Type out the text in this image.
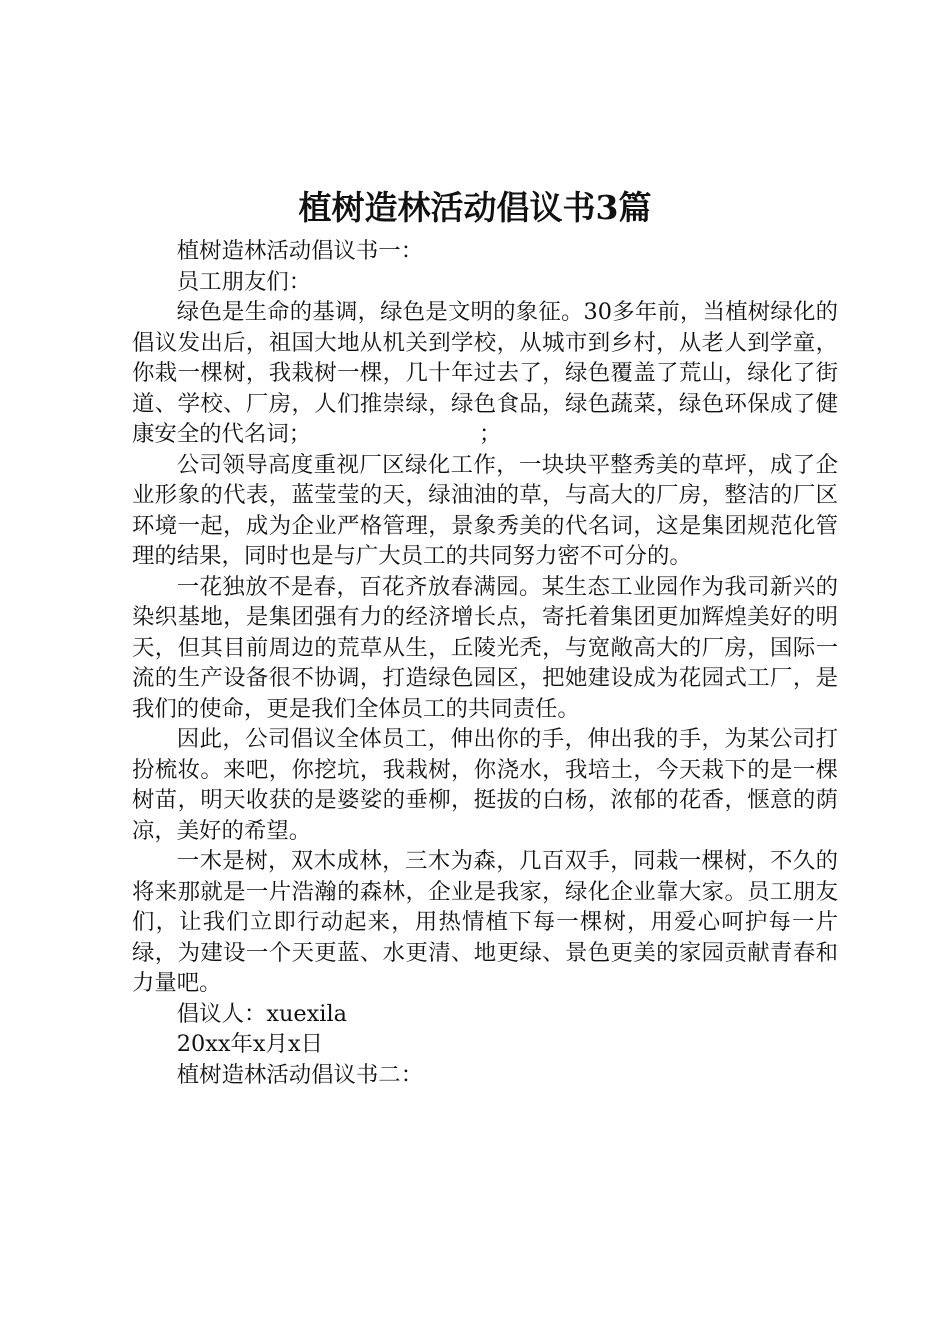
植树造林活动倡议书3篇

植树造林活动倡议书一：

员工朋友们：

绿色是生命的基调，绿色是文明的象征。30多年前，当植树绿化的倡议发出后，祖国大地从机关到学校，从城市到乡村，从老人到学童，你栽一棵树，我栽树一棵，几十年过去了，绿色覆盖了荒山，绿化了街道、学校、厂房，人们推崇绿，绿色食品，绿色蔬菜，绿色环保成了健康安全的代名词；　　　　　　　　；

公司领导高度重视厂区绿化工作，一块块平整秀美的草坪，成了企业形象的代表，蓝莹莹的天，绿油油的草，与高大的厂房，整洁的厂区环境一起，成为企业严格管理，景象秀美的代名词，这是集团规范化管理的结果，同时也是与广大员工的共同努力密不可分的。

一花独放不是春，百花齐放春满园。某生态工业园作为我司新兴的染织基地，是集团强有力的经济增长点，寄托着集团更加辉煌美好的明天，但其目前周边的荒草从生，丘陵光秃，与宽敞高大的厂房，国际一流的生产设备很不协调，打造绿色园区，把她建设成为花园式工厂，是我们的使命，更是我们全体员工的共同责任。

因此，公司倡议全体员工，伸出你的手，伸出我的手，为某公司打扮梳妆。来吧，你挖坑，我栽树，你浇水，我培土，今天栽下的是一棵树苗，明天收获的是婆娑的垂柳，挺拔的白杨，浓郁的花香，惬意的荫凉，美好的希望。

一木是树，双木成林，三木为森，几百双手，同栽一棵树，不久的将来那就是一片浩瀚的森林，企业是我家，绿化企业靠大家。员工朋友们，让我们立即行动起来，用热情植下每一棵树，用爱心呵护每一片绿，为建设一个天更蓝、水更清、地更绿、景色更美的家园贡献青春和力量吧。

倡议人：xuexila

20xx年x月x日

植树造林活动倡议书二：
